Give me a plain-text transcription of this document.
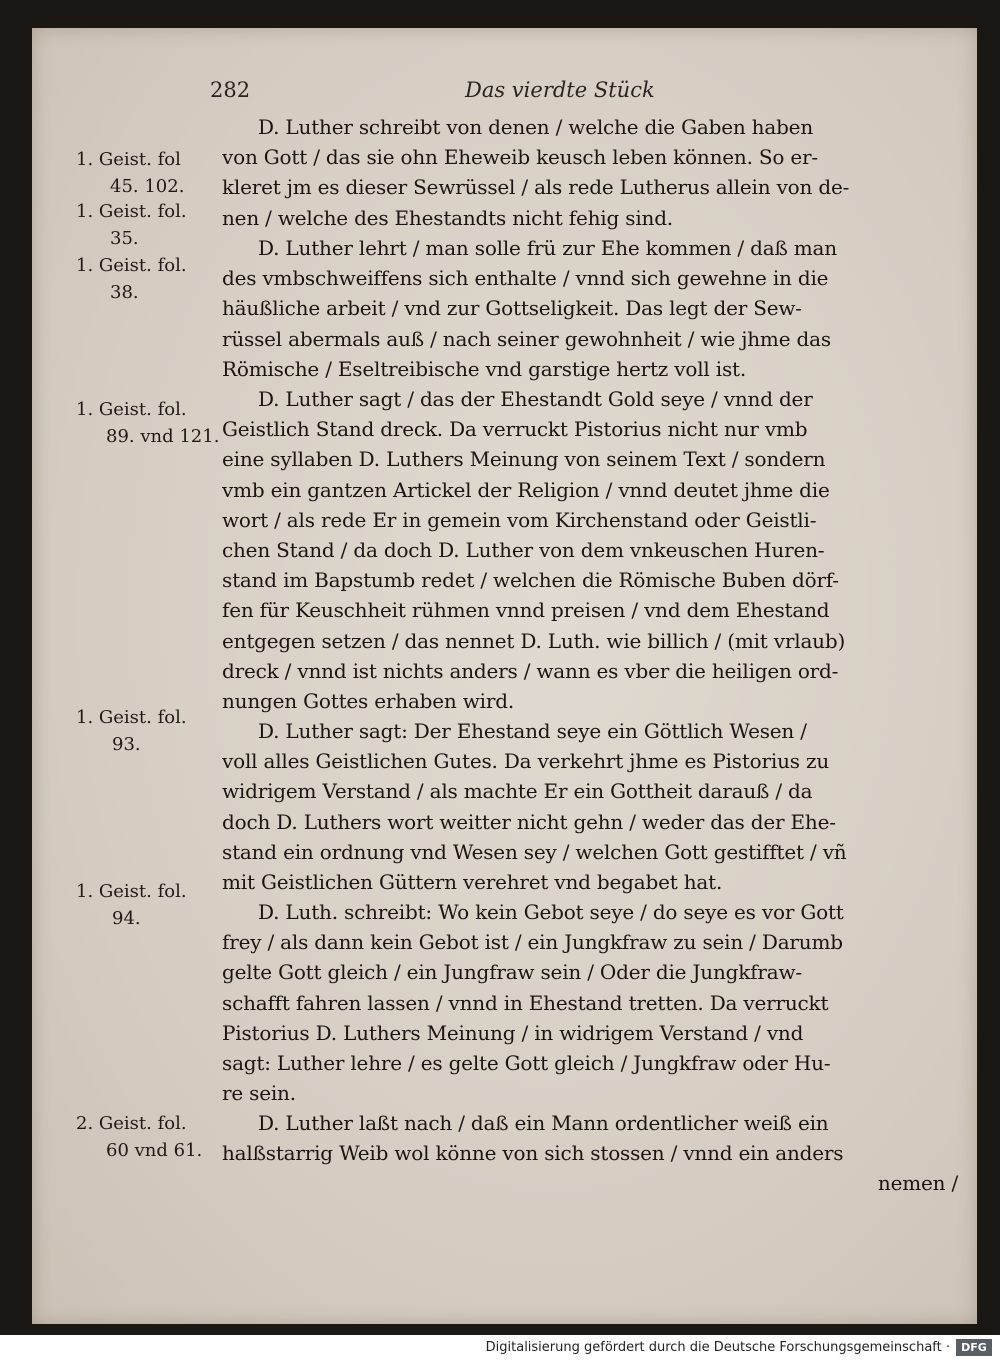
282	Das vierdte Stück
1. Geist. fol
45. 102.
1. Geist. fol.
35.
1. Geist. fol.
38.
1. Geist. fol.
89. vnd 121.
1. Geist. fol.
93.
1. Geist. fol.
94.
2. Geist. fol.
60 vnd 61.
D. Luther schreibt von denen / welche die Gaben haben
von Gott / das sie ohn Eheweib keusch leben können. So er-
kleret jm es dieser Sewrüssel / als rede Lutherus allein von de-
nen / welche des Ehestandts nicht fehig sind.
D. Luther lehrt / man solle frü zur Ehe kommen / daß man
des vmbschweiffens sich enthalte / vnnd sich gewehne in die
häußliche arbeit / vnd zur Gottseligkeit. Das legt der Sew-
rüssel abermals auß / nach seiner gewohnheit / wie jhme das
Römische / Eseltreibische vnd garstige hertz voll ist.
D. Luther sagt / das der Ehestandt Gold seye / vnnd der
Geistlich Stand dreck. Da verruckt Pistorius nicht nur vmb
eine syllaben D. Luthers Meinung von seinem Text / sondern
vmb ein gantzen Artickel der Religion / vnnd deutet jhme die
wort / als rede Er in gemein vom Kirchenstand oder Geistli-
chen Stand / da doch D. Luther von dem vnkeuschen Huren-
stand im Bapstumb redet / welchen die Römische Buben dörf-
fen für Keuschheit rühmen vnnd preisen / vnd dem Ehestand
entgegen setzen / das nennet D. Luth. wie billich / (mit vrlaub)
dreck / vnnd ist nichts anders / wann es vber die heiligen ord-
nungen Gottes erhaben wird.
D. Luther sagt: Der Ehestand seye ein Göttlich Wesen /
voll alles Geistlichen Gutes. Da verkehrt jhme es Pistorius zu
widrigem Verstand / als machte Er ein Gottheit darauß / da
doch D. Luthers wort weitter nicht gehn / weder das der Ehe-
stand ein ordnung vnd Wesen sey / welchen Gott gestifftet / vñ
mit Geistlichen Güttern verehret vnd begabet hat.
D. Luth. schreibt: Wo kein Gebot seye / do seye es vor Gott
frey / als dann kein Gebot ist / ein Jungkfraw zu sein / Darumb
gelte Gott gleich / ein Jungfraw sein / Oder die Jungkfraw-
schafft fahren lassen / vnnd in Ehestand tretten. Da verruckt
Pistorius D. Luthers Meinung / in widrigem Verstand / vnd
sagt: Luther lehre / es gelte Gott gleich / Jungkfraw oder Hu-
re sein.
D. Luther laßt nach / daß ein Mann ordentlicher weiß ein
halßstarrig Weib wol könne von sich stossen / vnnd ein anders
nemen /
Digitalisierung gefördert durch die Deutsche Forschungsgemeinschaft ·	DFG
